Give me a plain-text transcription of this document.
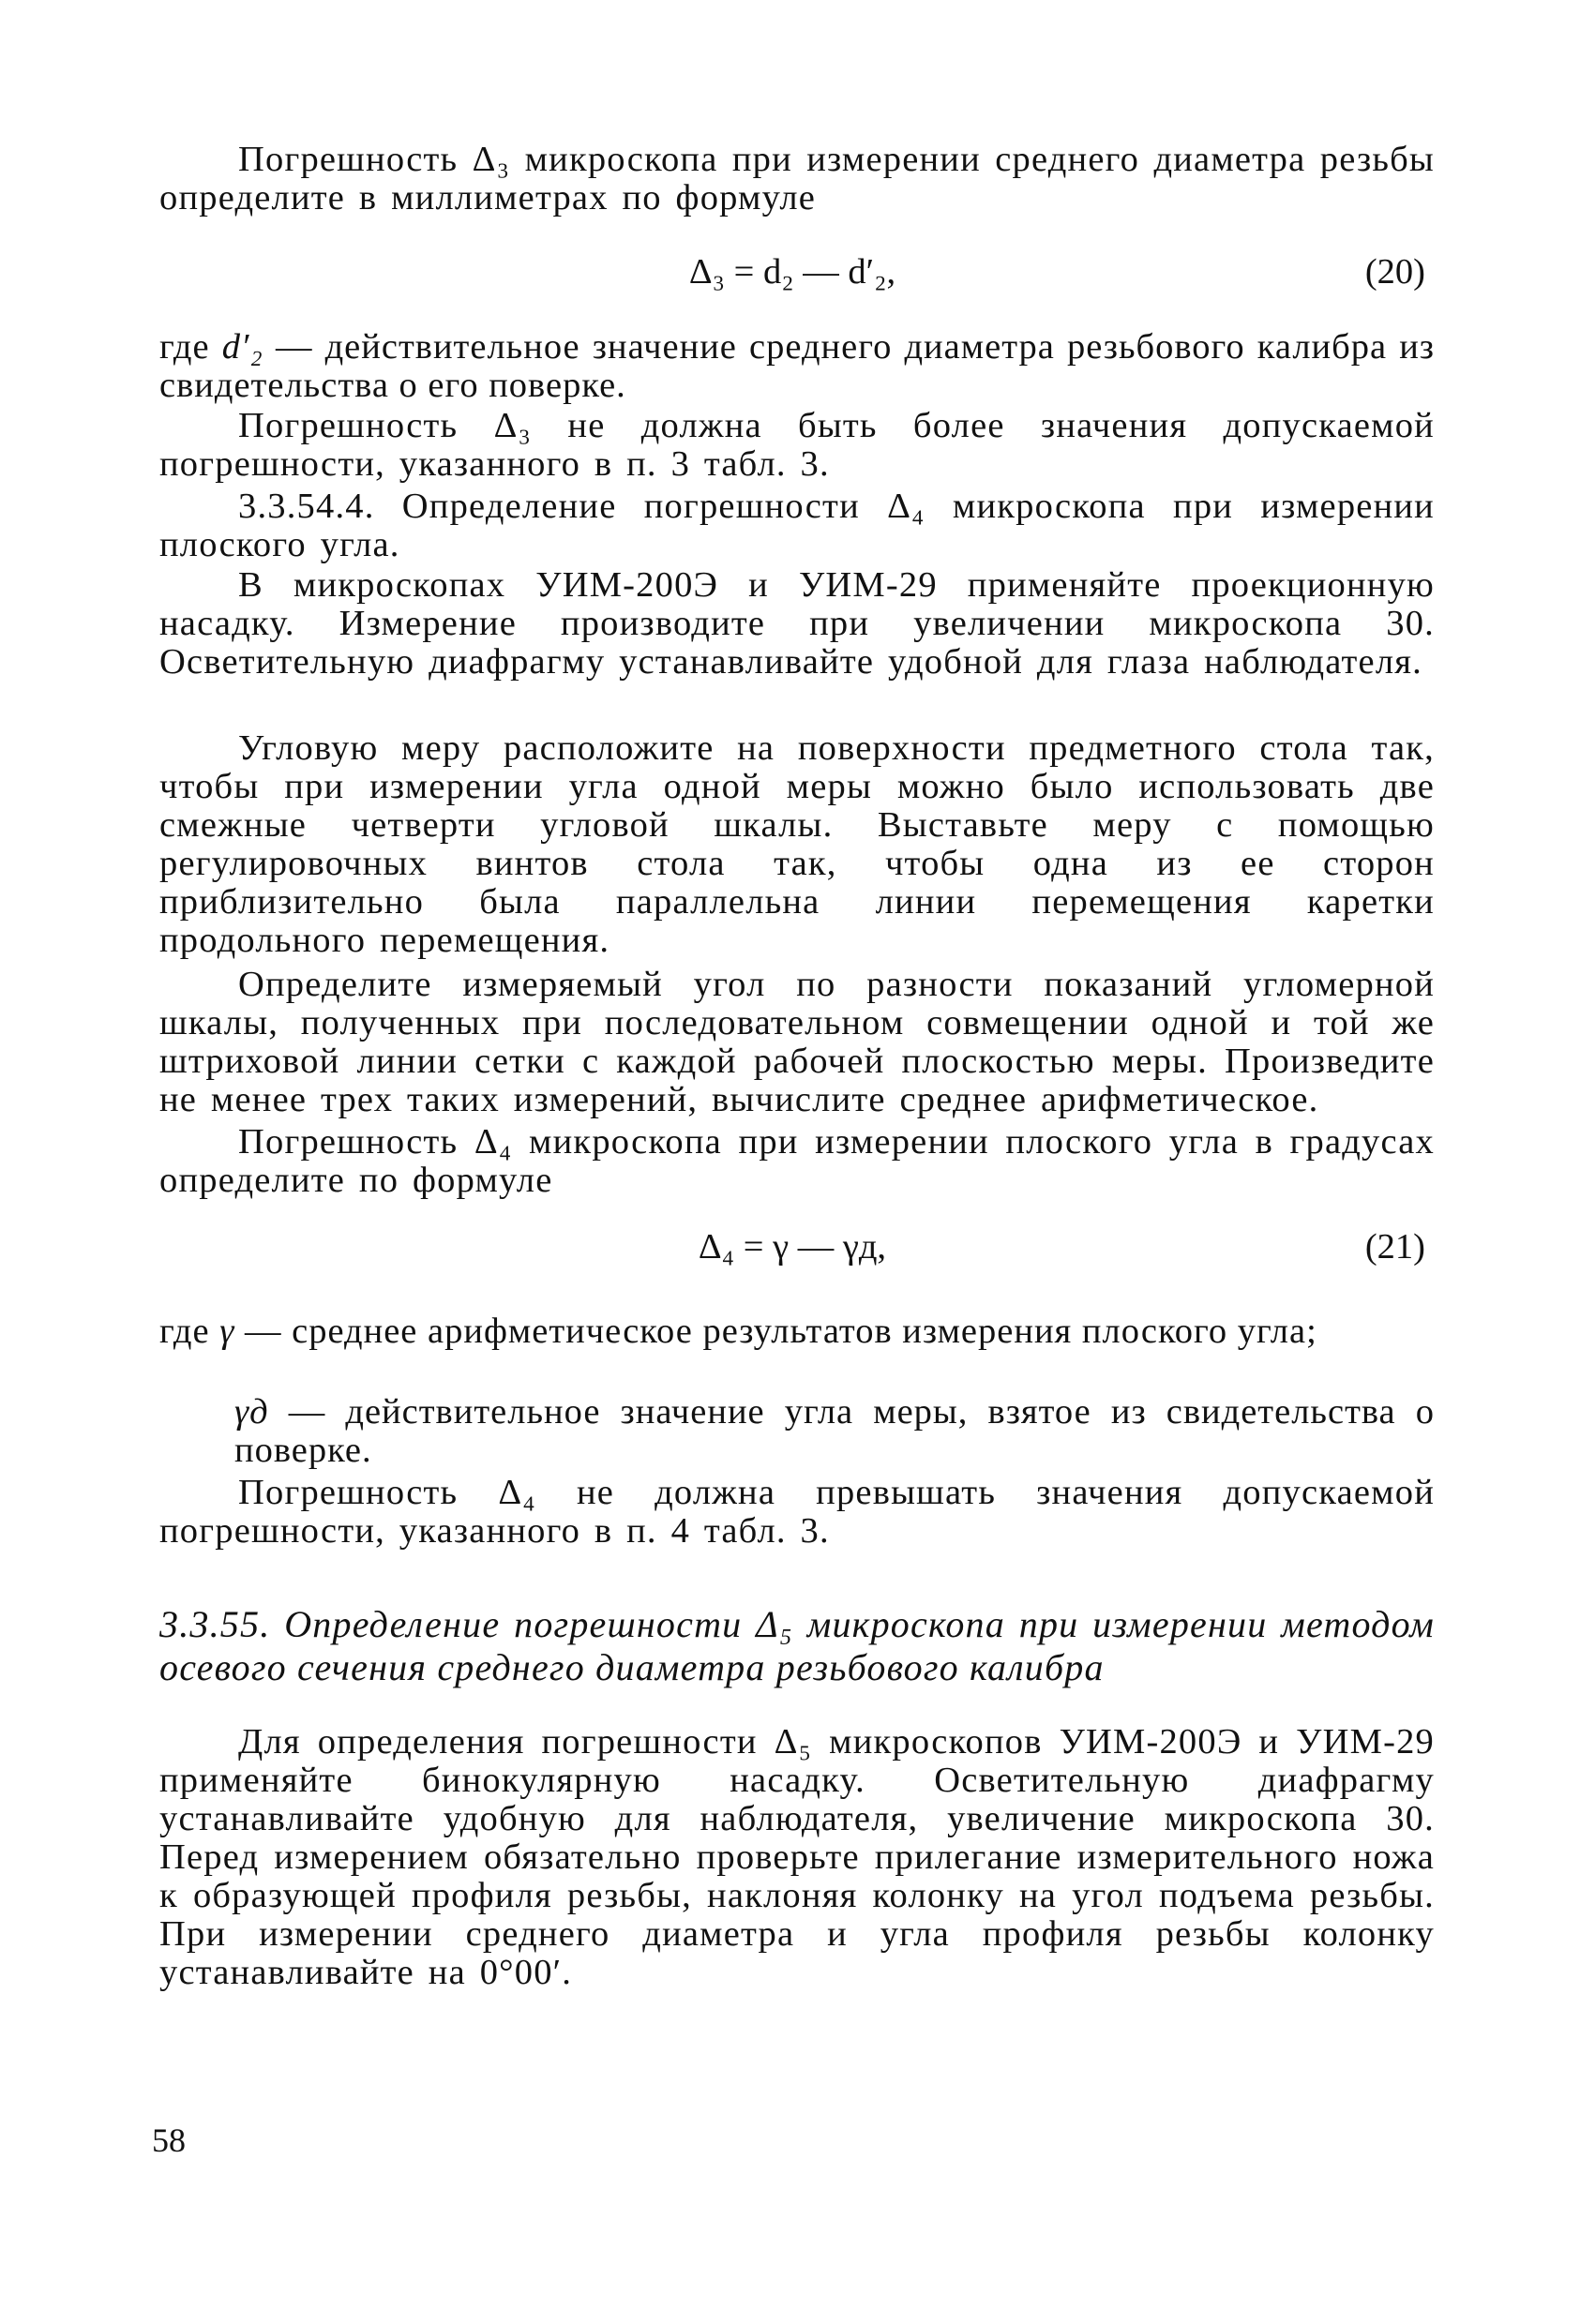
Погрешность Δ₃ микроскопа при измерении среднего диаметра резьбы определите в миллиметрах по формуле

Δ₃ = d₂ — d′₂,	(20)
где d′₂ — действительное значение среднего диаметра резьбового калибра из свидетельства о его поверке.

Погрешность Δ₃ не должна быть более значения допускаемой погрешности, указанного в п. 3 табл. 3.

3.3.54.4. Определение погрешности Δ₄ микроскопа при измерении плоского угла.

В микроскопах УИМ-200Э и УИМ-29 применяйте проекционную насадку. Измерение производите при увеличении микроскопа 30. Осветительную диафрагму устанавливайте удобной для глаза наблюдателя.

Угловую меру расположите на поверхности предметного стола так, чтобы при измерении угла одной меры можно было использовать две смежные четверти угловой шкалы. Выставьте меру с помощью регулировочных винтов стола так, чтобы одна из ее сторон приблизительно была параллельна линии перемещения каретки продольного перемещения.

Определите измеряемый угол по разности показаний угломерной шкалы, полученных при последовательном совмещении одной и той же штриховой линии сетки с каждой рабочей плоскостью меры. Произведите не менее трех таких измерений, вычислите среднее арифметическое.

Погрешность Δ₄ микроскопа при измерении плоского угла в градусах определите по формуле

Δ₄ = γ — γд,	(21)
где γ — среднее арифметическое результатов измерения плоского угла;
γд — действительное значение угла меры, взятое из свидетельства о поверке.

Погрешность Δ₄ не должна превышать значения допускаемой погрешности, указанного в п. 4 табл. 3.

3.3.55. Определение погрешности Δ₅ микроскопа при измерении методом осевого сечения среднего диаметра резьбового калибра

Для определения погрешности Δ₅ микроскопов УИМ-200Э и УИМ-29 применяйте бинокулярную насадку. Осветительную диафрагму устанавливайте удобную для наблюдателя, увеличение микроскопа 30. Перед измерением обязательно проверьте прилегание измерительного ножа к образующей профиля резьбы, наклоняя колонку на угол подъема резьбы. При измерении среднего диаметра и угла профиля резьбы колонку устанавливайте на 0°00′.

58
